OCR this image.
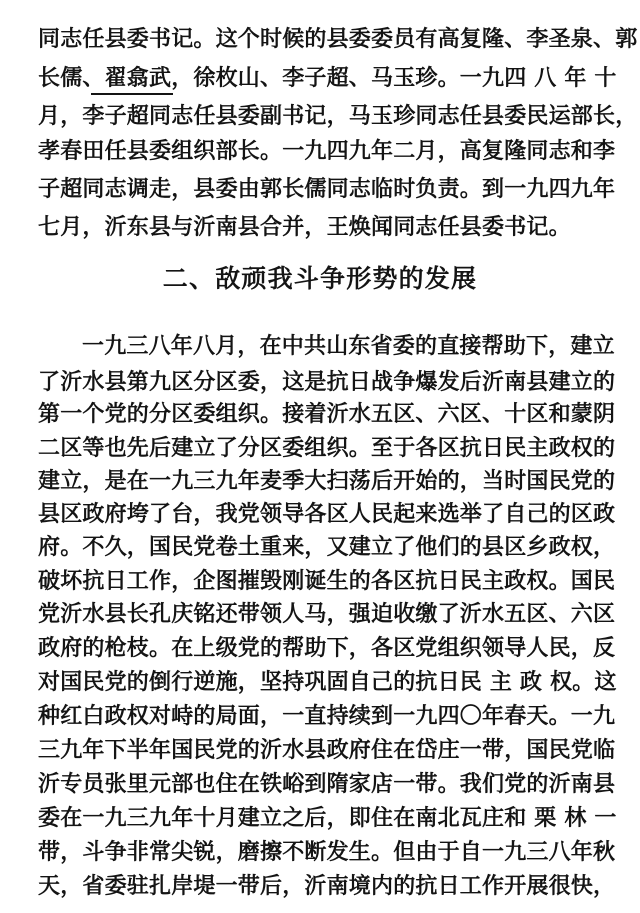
同志任县委书记。这个时候的县委委员有高复隆、李圣泉、郭
长儒、翟翕武，徐枚山、李子超、马玉珍。一九四 八 年 十
月，李子超同志任县委副书记，马玉珍同志任县委民运部长，
孝春田任县委组织部长。一九四九年二月，高复隆同志和李
子超同志调走，县委由郭长儒同志临时负责。到一九四九年
七月，沂东县与沂南县合并，王焕闻同志任县委书记。
二、敌顽我斗争形势的发展
一九三八年八月，在中共山东省委的直接帮助下，建立
了沂水县第九区分区委，这是抗日战争爆发后沂南县建立的
第一个党的分区委组织。接着沂水五区、六区、十区和蒙阴
二区等也先后建立了分区委组织。至于各区抗日民主政权的
建立，是在一九三九年麦季大扫荡后开始的，当时国民党的
县区政府垮了台，我党领导各区人民起来选举了自己的区政
府。不久，国民党卷土重来，又建立了他们的县区乡政权，
破坏抗日工作，企图摧毁刚诞生的各区抗日民主政权。国民
党沂水县长孔庆铭还带领人马，强迫收缴了沂水五区、六区
政府的枪枝。在上级党的帮助下，各区党组织领导人民，反
对国民党的倒行逆施，坚持巩固自己的抗日民 主 政 权。这
种红白政权对峙的局面，一直持续到一九四〇年春天。一九
三九年下半年国民党的沂水县政府住在岱庄一带，国民党临
沂专员张里元部也住在铁峪到隋家店一带。我们党的沂南县
委在一九三九年十月建立之后，即住在南北瓦庄和 栗 林 一
带，斗争非常尖锐，磨擦不断发生。但由于自一九三八年秋
天，省委驻扎岸堤一带后，沂南境内的抗日工作开展很快，
